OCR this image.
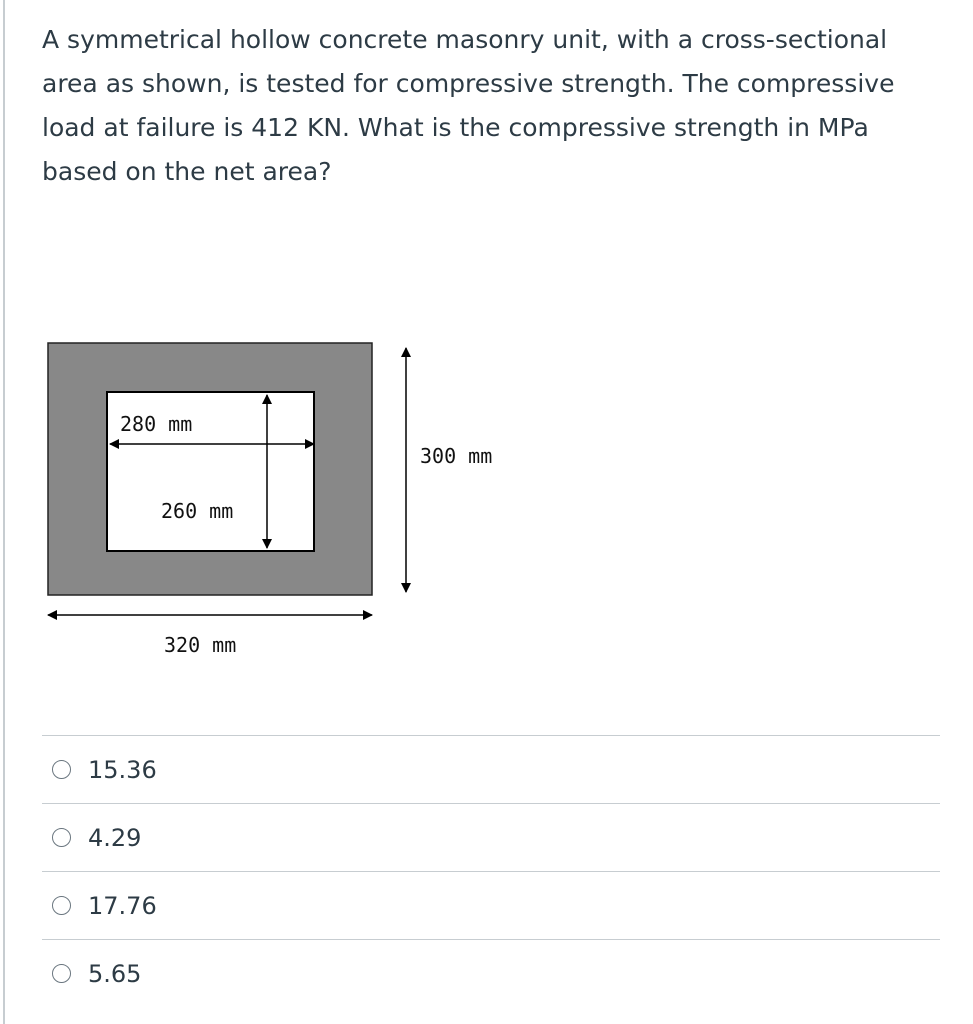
A symmetrical hollow concrete masonry unit, with a cross-sectional area as shown, is tested for compressive strength. The compressive load at failure is 412 KN. What is the compressive strength in MPa based on the net area?

280 mm
260 mm
300 mm
320 mm
15.36
4.29
17.76
5.65
